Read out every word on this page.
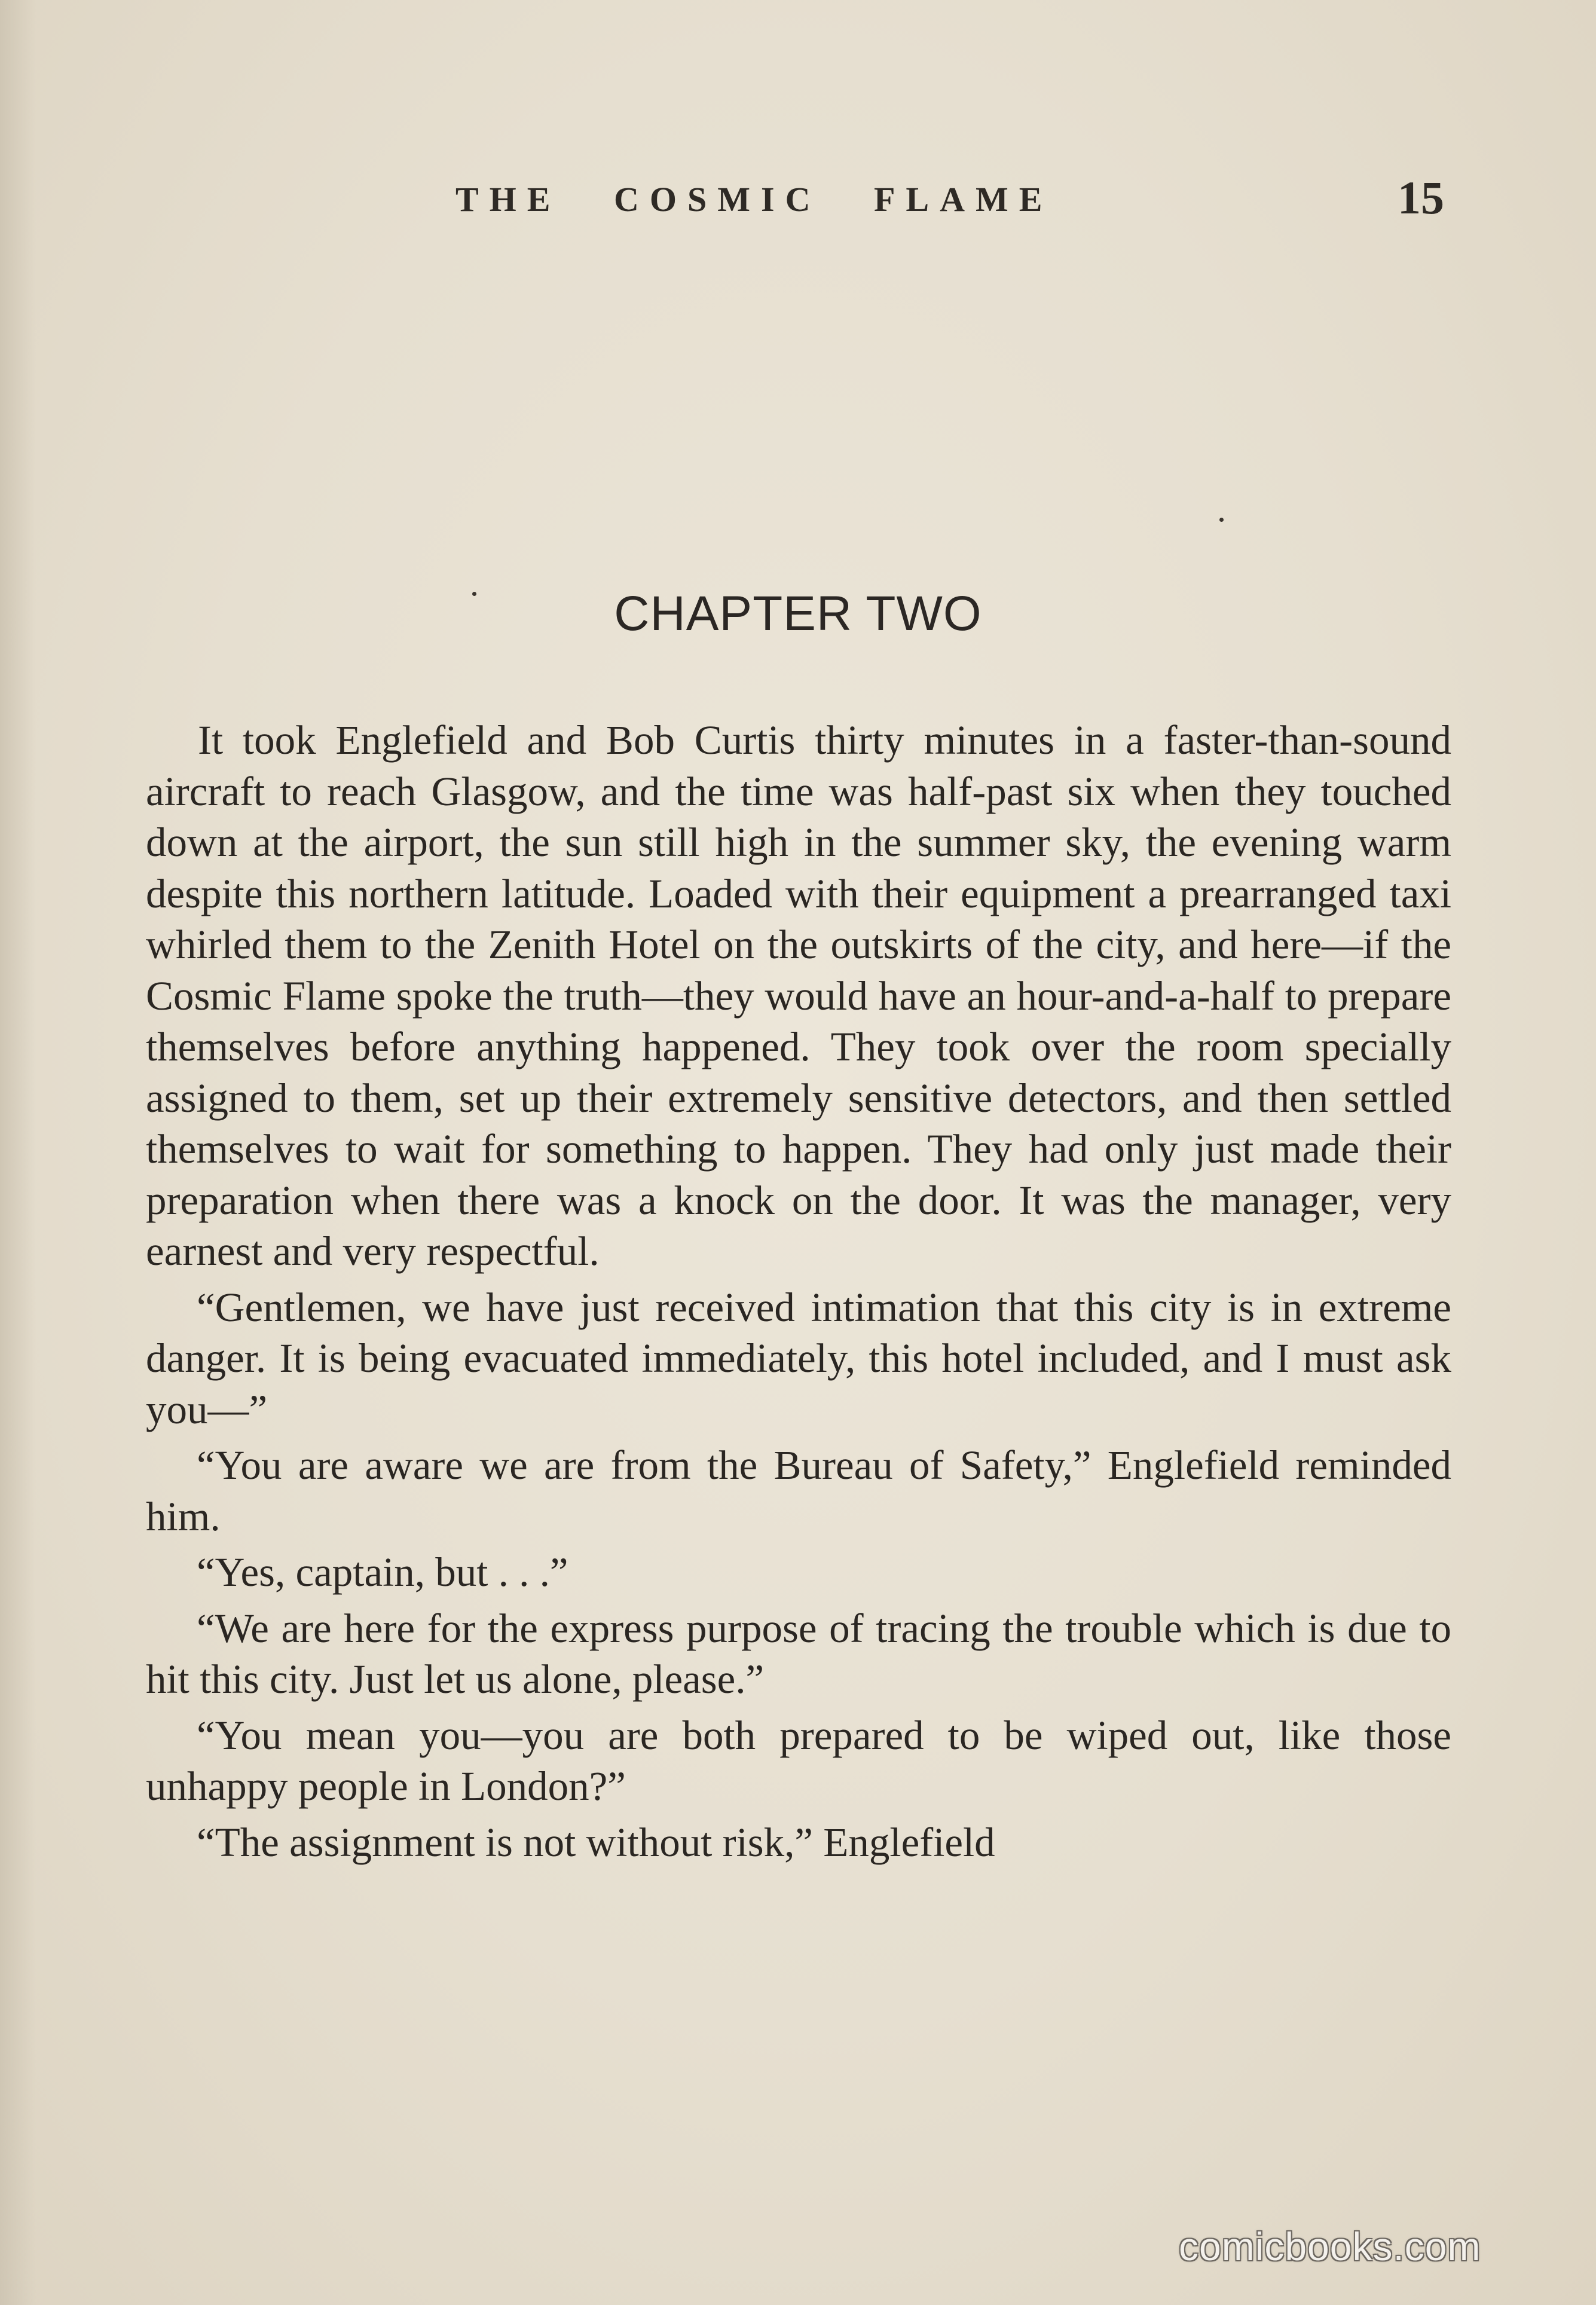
THE COSMIC FLAME	15
CHAPTER TWO

It took Englefield and Bob Curtis thirty minutes in a faster-than-sound aircraft to reach Glasgow, and the time was half-past six when they touched down at the airport, the sun still high in the summer sky, the evening warm despite this northern latitude. Loaded with their equipment a prearranged taxi whirled them to the Zenith Hotel on the outskirts of the city, and here—if the Cosmic Flame spoke the truth—they would have an hour-and-a-half to prepare themselves before anything happened. They took over the room specially assigned to them, set up their extremely sensitive detectors, and then settled themselves to wait for something to happen. They had only just made their preparation when there was a knock on the door. It was the manager, very earnest and very respectful.

“Gentlemen, we have just received intimation that this city is in extreme danger. It is being evacuated immediately, this hotel included, and I must ask you—”

“You are aware we are from the Bureau of Safety,” Englefield reminded him.

“Yes, captain, but . . .”

“We are here for the express purpose of tracing the trouble which is due to hit this city. Just let us alone, please.”

“You mean you—you are both prepared to be wiped out, like those unhappy people in London?”

“The assignment is not without risk,” Englefield

comicbooks.com
